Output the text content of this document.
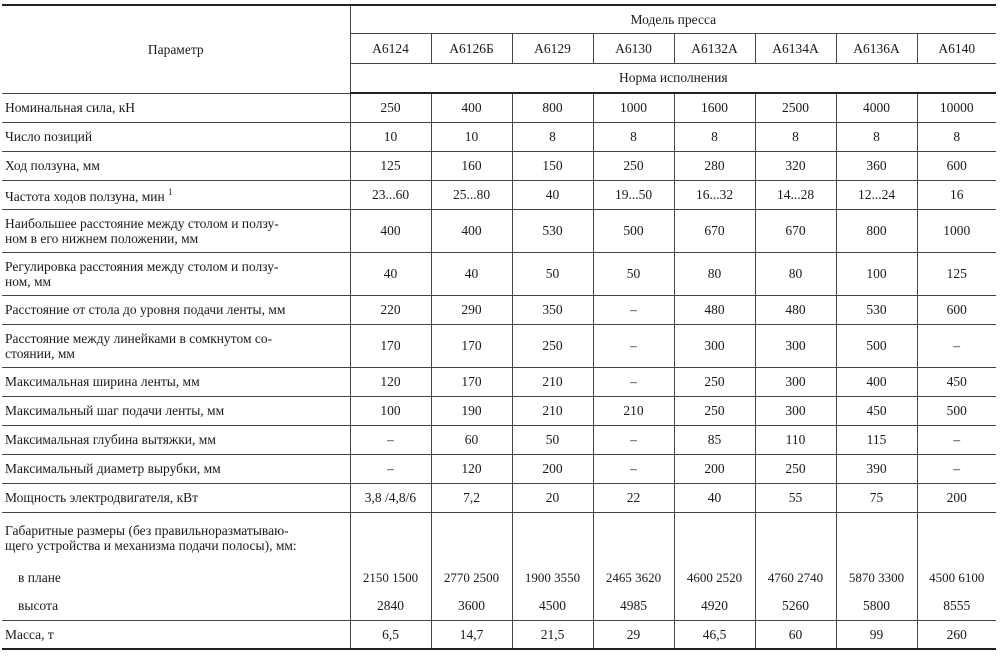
Параметр	Модель пресса							
	А6124	А6126Б	А6129	А6130	А6132А	А6134А	А6136А	А6140
	Норма исполнения							
Номинальная сила, кН	250	400	800	1000	1600	2500	4000	10000
Число позиций	10	10	8	8	8	8	8	8
Ход ползуна, мм	125	160	150	250	280	320	360	600
Частота ходов ползуна, мин $^1$	23...60	25...80	40	19...50	16...32	14...28	12...24	16
Наибольшее расстояние между столом и ползу-
ном в его нижнем положении, мм	400	400	530	500	670	670	800	1000
Регулировка расстояния между столом и ползу-
ном, мм	40	40	50	50	80	80	100	125
Расстояние от стола до уровня подачи ленты, мм	220	290	350	–	480	480	530	600
Расстояние между линейками в сомкнутом со-
стоянии, мм	170	170	250	–	300	300	500	–
Максимальная ширина ленты, мм	120	170	210	–	250	300	400	450
Максимальный шаг подачи ленты, мм	100	190	210	210	250	300	450	500
Максимальная глубина вытяжки, мм	–	60	50	–	85	110	115	–
Максимальный диаметр вырубки, мм	–	120	200	–	200	250	390	–
Мощность электродвигателя, кВт	3,8 /4,8/6	7,2	20	22	40	55	75	200
Габаритные размеры (без правильноразматываю-
щего устройства и механизма подачи полосы), мм:								
в плане	2150 1500	2770 2500	1900 3550	2465 3620	4600 2520	4760 2740	5870 3300	4500 6100
высота	2840	3600	4500	4985	4920	5260	5800	8555
Масса, т	6,5	14,7	21,5	29	46,5	60	99	260
